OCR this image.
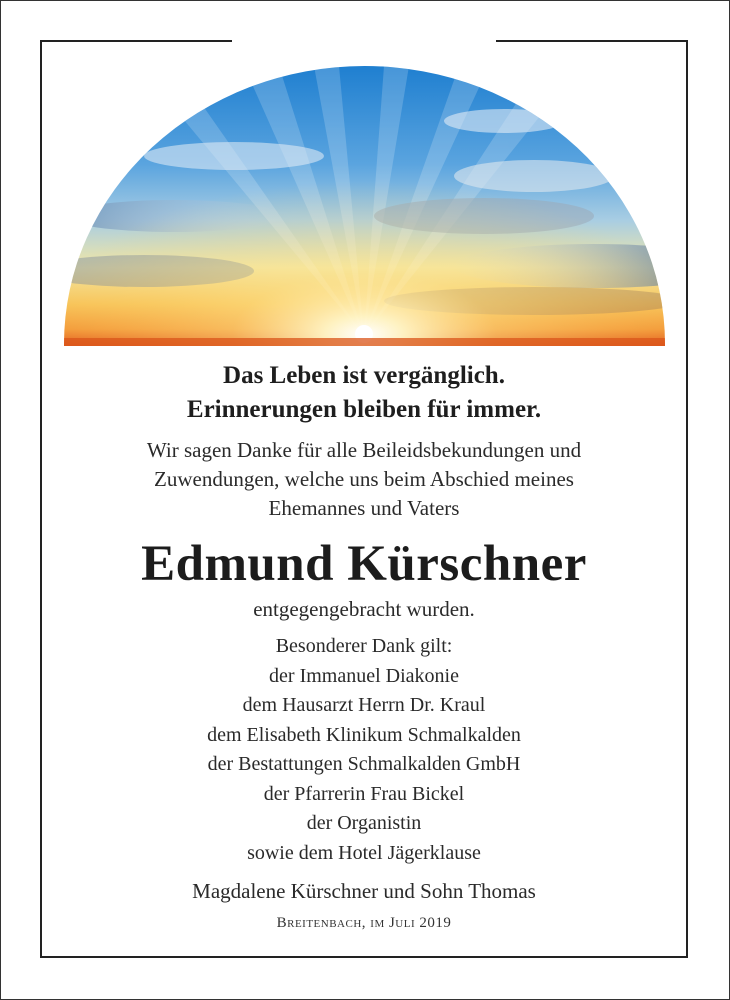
Das Leben ist vergänglich.
Erinnerungen bleiben für immer.
Wir sagen Danke für alle Beileidsbekundungen und
Zuwendungen, welche uns beim Abschied meines
Ehemannes und Vaters
Edmund Kürschner
entgegengebracht wurden.
Besonderer Dank gilt:
der Immanuel Diakonie
dem Hausarzt Herrn Dr. Kraul
dem Elisabeth Klinikum Schmalkalden
der Bestattungen Schmalkalden GmbH
der Pfarrerin Frau Bickel
der Organistin
sowie dem Hotel Jägerklause
Magdalene Kürschner und Sohn Thomas
Breitenbach, im Juli 2019
